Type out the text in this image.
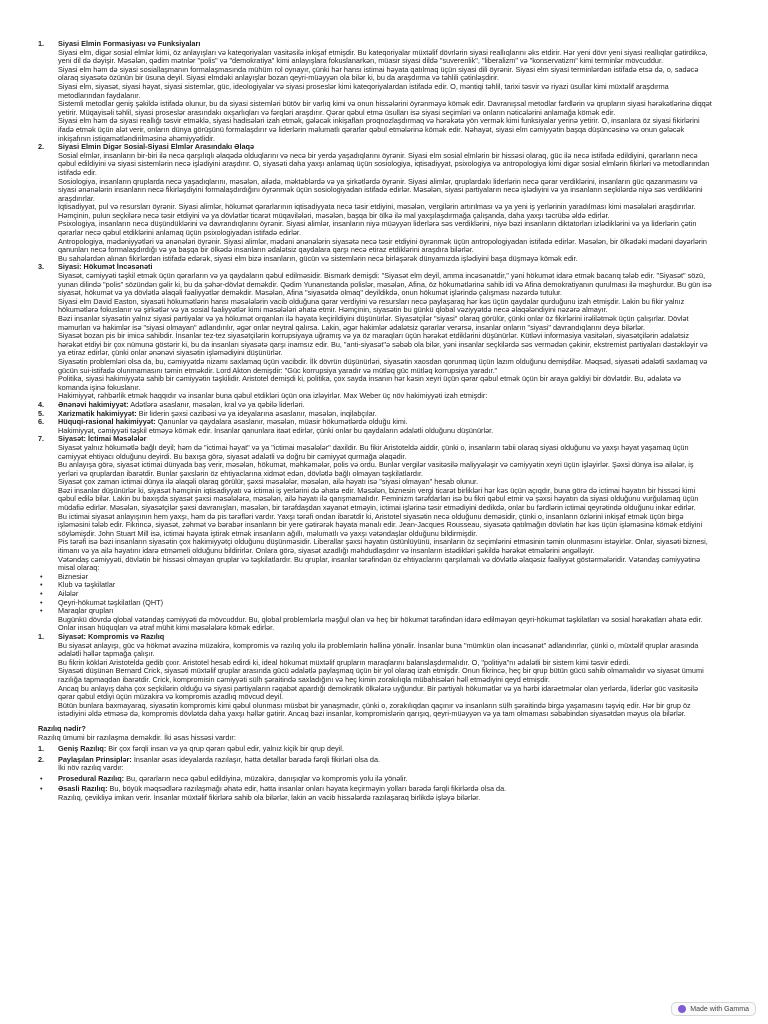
1. Siyasi Elmin Formasiyası və Funksiyaları

Siyasi elm, digər sosial elmlər kimi, öz anlayışları və kateqoriyaları vasitəsilə inkişaf etmişdir. Bu kateqoriyalar müxtəlif dövrlərin siyasi reallıqlarını əks etdirir. Hər yeni dövr yeni siyasi reallıqlar gətirdikcə, yeni dil də dəyişir. Məsələn, qədim mətnlər "polis" və "demokratiya" kimi anlayışlara fokuslanarkən, müasir siyasi dildə "suverenlik", "liberalizm" və "konservatizm" kimi terminlər mövcuddur.

Siyasi elm həm də siyasi sosiallaşmanın formalaşmasında mühüm rol oynayır, çünki hər hansı istimai həyata qatılmaq üçün siyasi dili öyrənir. Siyasi elm siyasi terminlərdən istifadə etsə də, o, sadəcə olaraq siyasətə özünün bir üsuna deyil. Siyasi elmdəki anlayışlar bozan qeyri-müəyyən ola bilər ki, bu da araşdırma və təhlili çətinləşdirir.

Siyasi elm, siyasət, siyasi həyat, siyasi sistemlər, güc, ideologiyalar və siyasi proseslər kimi kateqoriyalardan istifadə edir. O, məntiqi təhlil, tarixi təsvir və riyazi üsullar kimi müxtəlif araşdırma metodlarından faydalanır.

Sistemli metodlar geniş şəkildə istifadə olunur, bu da siyasi sistemləri bütöv bir varlıq kimi və onun hissələrini öyrənməyə kömək edir. Davranışsal metodlar fərdlərin və qrupların siyasi hərəkətlərinə diqqət yetirir. Müqayisəli təhlil, siyasi proseslər arasındakı oxşarlıqları və fərqləri araşdırır. Qərar qəbul etmə üsulları isə siyasi seçimləri və onların nəticələrini anlamağa kömək edir.

Siyasi elm həm də siyasi reallığı təsvir etməklə, siyasi hadisələri izah etmək, gələcək inkişafları proqnozlaşdırmaq və hərəkətə yön vermək kimi funksiyalar yerinə yetirir. O, insanlara öz siyasi fikirlərini ifadə etmək üçün alət verir, onların dünya görüşünü formalaşdırır və liderlərin məlumatlı qərarlar qəbul etmələrinə kömək edir. Nəhayət, siyasi elm cəmiyyətin başqa düşüncəsinə və onun gələcək inkişafının istiqamətləndirilməsinə əhəmiyyətlidir.

2. Siyasi Elmin Digər Sosial-Siyasi Elmlər Arasındakı Əlaqə

Sosial elmlər, insanların bir-biri ilə necə qarşılıqlı əlaqədə olduqlarını və necə bir yerdə yaşadıqlarını öyrənir. Siyasi elm sosial elmlərin bir hissəsi olaraq, güc ilə necə istifadə edildiyini, qərarların necə qəbul edildiyini və siyasi sistemlərin necə işlədiyini araşdırır. O, siyasəti daha yaxşı anlamaq üçün sosiologiya, iqtisadiyyat, psixologiya və antropologiya kimi digər sosial elmlərin fikirləri və metodlarından istifadə edir.

Sosiologiya, insanların qruplarda necə yaşadıqlarını, məsələn, ailədə, məktəblərdə və ya şirkətlərdə öyrənir. Siyasi alimlər, qruplardakı liderlərin necə qərar verdiklərini, insanların güc qazanmasını və siyasi ənənələrin insanların necə fikirləşdiyini formalaşdırdığını öyrənmək üçün sosiologiyadan istifadə edirlər. Məsələn, siyasi partiyaların necə işlədiyini və ya insanların seçkilərdə niyə səs verdiklərini araşdırırlar.

İqtisadiyyat, pul və resursları öyrənir. Siyasi alimlər, hökumət qərarlarının iqtisadiyyata necə təsir etdiyini, məsələn, vergilərin artırılması və ya yeni iş yerlərinin yaradılması kimi məsələləri araşdırırlar. Həmçinin, pulun seçkilərə necə təsir etdiyini və ya dövlətlər ticarət müqavilələri, məsələn, başqa bir ölkə ilə mal yaxşılaşdırmağa çalışanda, daha yaxşı təcrübə əldə edirlər.

Psixologiya, insanların necə düşündüklərini və davrandıqlarını öyrənir. Siyasi alimlər, insanların niyə müəyyən liderlərə səs verdiklərini, niyə bəzi insanların diktatorları izlədiklərini və ya liderlərin çətin qərarlar necə qəbul etdiklərini anlamaq üçün psixologiyadan istifadə edirlər.

Antropologiya, mədəniyyətləri və ənənələri öyrənir. Siyasi alimlər, mədəni ənənələrin siyasətə necə təsir etdiyini öyrənmək üçün antropologiyadan istifadə edirlər. Məsələn, bir ölkədəki mədəni dəyərlərin qanunları necə formalaşdırdığı və ya başqa bir ölkədə insanların ədalətsiz qaydalara qarşı necə etiraz etdiklərini araşdıra bilərlər.

Bu sahələrdən alınan fikirlərdən istifadə edərək, siyasi elm bizə insanların, gücün və sistemlərin necə birləşərək dünyamızda işlədiyini başa düşməyə kömək edir.

3. Siyasi: Hökumət İncəsənəti

Siyasət, cəmiyyəti təşkil etmək üçün qərarların və ya qaydaların qəbul edilməsidir. Bismark demişdi: "Siyasət elm deyil, amma incəsənətdir," yəni hökumət idarə etmək bacarıq tələb edir. "Siyasət" sözü, yunan dilində "polis" sözündən gəlir ki, bu da şəhər-dövlət deməkdir. Qədim Yunanıstanda polislər, məsələn, Afina, öz hökumətlərinə sahib idi və Afina demokratiyanın qurulması ilə məşhurdur. Bu gün isə siyasət, hökumət və ya dövlətlə əlaqəli fəaliyyətlər deməkdir. Məsələn, Afina "siyasətdə olmaq" deyildikdə, onun hökumət işlərində çalışması nəzərdə tutulur.

Siyasi elm David Easton, siyasəti hökumətlərin hansı məsələlərin vacib olduğuna qərar verdiyini və resursları necə paylaşaraq hər kəs üçün qaydalar qurduğunu izah etmişdir. Lakin bu fikir yalnız hökumətlərə fokuslanır və şirkətlər və ya sosial fəaliyyətlər kimi məsələləri əhatə etmir. Həmçinin, siyasətin bu günkü qlobal vəziyyətdə necə əlaqələndiyini nəzərə almayır.

Bəzi insanlar siyasətin yalnız siyasi partiyalar və ya hökumət orqanları ilə həyata keçirildiyini düşünürlər. Siyasətçilər "siyasi" olaraq görülür, çünki onlar öz fikirlərini irəlilətmək üçün çalışırlar. Dövlət məmurları və hakimlər isə "siyasi olmayan" adlandırılır, əgər onlar neytral qalırsa. Lakin, əgər hakimlər ədalətsiz qərarlar verərsə, insanlar onların "siyasi" davrandıqlarını deyə bilərlər.

Siyasət bozan pis bir imicə sahibdir. İnsanlar tez-tez siyasətçilərin korrupsiyaya uğramış və ya öz maraqları üçün hərəkət etdiklərini düşünürlər. Kütləvi informasiya vasitələri, siyasətçilərin ədalətsiz hərəkət etdiyi bir çox nümunə göstərir ki, bu da insanları siyasətə qarşı inamsız edir. Bu, "anti-siyasət"ə səbəb ola bilər, yəni insanlar seçkilərdə səs vermədən çəkinir, ekstremist partiyaları dəstəkləyir və ya etiraz edirlər, çünki onlar ənənəvi siyasətin işləmədiyini düşünürlər.

Siyasətin problemləri olsa da, bu, cəmiyyətdə nizamı saxlamaq üçün vacibdir. İlk dövrün düşünürləri, siyasətin xaosdan qorunmaq üçün lazım olduğunu demişdilər. Məqsəd, siyasəti ədalətli saxlamaq və gücün sui-istifadə olunmamasını təmin etməkdir. Lord Akton demişdir: "Güc korrupsiya yaradır və mütləq güc mütləq korrupsiya yaradır."

Politika, siyasi hakimiyyətə sahib bir cəmiyyətin təşkilidir. Aristotel demişdi ki, politika, çox sayda insanın hər kəsin xeyri üçün qərar qəbul etmək üçün bir araya gəldiyi bir dövlətdir. Bu, ədalətə və komanda işinə fokuslanır.

Hakimiyyət, rəhbərlik etmək haqqıdır və insanlar buna qəbul etdikləri üçün ona izləyirlər. Max Weber üç növ hakimiyyəti izah etmişdir:

4. Ənənəvi hakimiyyət: Adətlərə əsaslanır, məsələn, kral və ya qəbilə liderləri.

5. Xarizmatik hakimiyyət: Bir liderin şəxsi cazibəsi və ya ideyalarına əsaslanır, məsələn, inqilabçılar.

6. Hüquqi-rasional hakimiyyət: Qanunlar və qaydalara əsaslanır, məsələn, müasir hökumətlərdə olduğu kimi.

Hakimiyyət, cəmiyyəti təşkil etməyə kömək edir. İnsanlar qanunlara itaət edirlər, çünki onlar bu qaydaların ədalətli olduğunu düşünürlər.

7. Siyasət: İctimai Məsələlər

Siyasət yalnız hökumətlə bağlı deyil; həm də "ictimai həyat" və ya "ictimai məsələlər" daxildir. Bu fikir Aristoteldə aiddir, çünki o, insanların təbii olaraq siyasi olduğunu və yaxşı həyat yaşamaq üçün cəmiyyət ehtiyacı olduğunu deyirdi. Bu baxışa görə, siyasət ədalətli və doğru bir cəmiyyət qurmağa əlaqədir.

Bu anlayışa görə, siyasət ictimai dünyada baş verir, məsələn, hökumət, məhkəmələr, polis və ordu. Bunlar vergilər vasitəsilə maliyyələşir və cəmiyyətin xeyri üçün işləyirlər. Şəxsi dünya isə ailələr, iş yerləri və qruplardan ibarətdir. Bunlar şəxslərin öz ehtiyaclarına xidmət edən, dövlətlə bağlı olmayan təşkilatlardır.

Siyasət çox zaman ictimai dünya ilə əlaqəli olaraq görülür, şəxsi məsələlər, məsələn, ailə həyatı isə "siyasi olmayan" hesab olunur.

Bəzi insanlar düşünürlər ki, siyasət həmçinin iqtisadiyyatı və ictimai iş yerlərini də əhatə edir. Məsələn, biznesin vergi ticarət birlikləri hər kəs üçün açıqdır, buna görə də ictimai həyatın bir hissəsi kimi qəbul edilə bilər. Lakin bu baxışda siyasət şəxsi məsələlərə, məsələn, ailə həyatı ilə qarışmamalıdır. Feminizm tərəfdarları isə bu fikri qəbul etmir və şəxsi həyatın da siyasi olduğunu vurğulamaq üçün müdafiə edirlər. Məsələn, siyasətçilər şəxsi davranışları, məsələn, bir tərəfdaşdan xəyanət etməyin, ictimai işlərinə təsir etmədiyini dedikdə, onlar bu fərdlərin ictimai qeyrətində olduğunu inkar edirlər.

Bu ictimai siyasət anlayışının hem yaxşı, həm də pis tərəfləri vardır. Yaxşı tərəfi ondan ibarətdir ki, Aristotel siyasətin necə olduğunu deməsidir, çünki o, insanların özlərini inkişaf etmək üçün birgə işləməsini tələb edir. Fikrincə, siyasət, zəhmət və bərabər insanların bir yere gətirərək həyata mənalı edir. Jean-Jacques Rousseau, siyasətə qatılmağın dövlətin hər kəs üçün işləməsinə kömək etdiyini söyləmişdir. John Stuart Mill isə, ictimai həyata iştirak etmək insanların ağıllı, məlumatlı və yaxşı vətəndaşlar olduğunu bildirmişdir.

Pis tərəfi isə bəzi insanların siyasətin çox hakimiyyətçi olduğunu düşünməsidir. Liberallar şəxsi həyatın üstünlüyünü, insanların öz seçimlərini etməsinin təmin olunmasını istəyirlər. Onlar, siyasəti biznesi, itimanı və ya ailə həyatını idarə etməmeli olduğunu bildirirlər. Onlara görə, siyasət azadlığı məhdudlaşdırır və insanların istədikləri şəkildə hərəkət etmələrini əngəlləyir.

Vətəndaş cəmiyyəti, dövlətin bir hissəsi olmayan qruplar və təşkilatlardır. Bu qruplar, insanlar tərəfindən öz ehtiyaclarını qarşılamalı və dövlətlə əlaqəsiz fəaliyyət göstərmələridir. Vətəndaş cəmiyyətinə misal olaraq:

• Biznesiər

• Klub və təşkilatlar

• Ailələr

• Qeyri-hökumət təşkilatları (QHT)

• Maraqlar qrupları

Bugünkü dövrdə qlobal vətəndaş cəmiyyəti də mövcuddur. Bu, qlobal problemlərlə məşğul olan və heç bir hökumət tərəfindən idarə edilməyən qeyri-hökumət təşkilatları və sosial hərəkatları əhatə edir. Onlar insan hüquqları və ətraf mühit kimi məsələlərə kömək edirlər.

1. Siyasət: Kompromis və Razılıq

Bu siyasət anlayışı, güc və hökmət əvəzinə müzakirə, kompromis və razılıq yolu ilə problemlərin həllinə yönəlir. İnsanlar buna "mümkün olan incəsənət" adlandırırlar, çünki o, müxtəlif qruplar arasında ədalətli həllər tapmağa çalışır.

Bu fikrin kökləri Aristoteldə gedib çıxır. Aristotel hesab edirdi ki, ideal hökumət müxtəlif qrupların maraqlarını balanslaşdırmalıdır. O, "politiya"nı ədalətli bir sistem kimi təsvir edirdi.

Siyasəti düşünən Bernard Crick, siyasəti müxtəlif qruplar arasında gücü ədalətlə paylaşmaq üçün bir yol olaraq izah etmişdir. Onun fikrincə, heç bir qrup bütün gücü sahib olmamalıdır və siyasət ümumi razılığa tapmaqdan ibarətdir. Crick, kompromisin cəmiyyəti sülh şəraitində saxladığını və heç kimin zorakılıqla mübahisələri həll etmədiyini qeyd etmişdir.

Ancaq bu anlayış daha çox seçkilərin olduğu və siyasi partiyaların rəqabət apardığı demokratik ölkələrə uyğundur. Bir partiyalı hökumətlər və ya hərbi idarəetmələr olan yerlərdə, liderlər güc vasitəsilə qərar qəbul etdiyi üçün müzakirə və kompromis azadlıq mövcud deyil.

Bütün bunlara baxmayaraq, siyasətin kompromis kimi qəbul olunması müsbət bir yanaşmadır, çünki o, zorakılıqdan qaçınır və insanların sülh şəraitində birgə yaşamasını təşviq edir. Hər bir grup öz istədiyini əldə etməsə də, kompromis dövlətdə daha yaxşı həllər gətirir. Ancaq bəzi insanlar, kompromislərin qarışıq, qeyri-müəyyən və ya tam olmaması səbəbindən siyasətdən məyus ola bilərlər.

Razılıq nədir?

Razılıq ümumi bir razılaşma deməkdir. İki əsas hissəsi vardır:

1. Geniş Razılıq: Bir çox fərqli insan və ya qrup qərarı qəbul edir, yalnız kiçik bir qrup deyil.

2. Paylaşılan Prinsiplər: İnsanlar əsas ideyalarda razılaşır, hətta detallar barədə fərqli fikirləri olsa da.

İki növ razılıq vardır:

• Prosedural Razılıq: Bu, qərarların necə qəbul edildiyinə, müzakirə, danışıqlar və kompromis yolu ilə yönəlir.

• Əsasli Razılıq: Bu, böyük məqsədlərə razılaşmağı əhatə edir, hətta insanlar onları həyata keçirməyin yolları barədə fərqli fikirlərdə olsa da.

Razılıq, çevikliyə imkan verir. İnsanlar müxtəlif fikirlərə sahib ola bilərlər, lakin ən vacib hissələrdə razılaşaraq birlikdə işləyə bilərlər.

Made with Gamma
